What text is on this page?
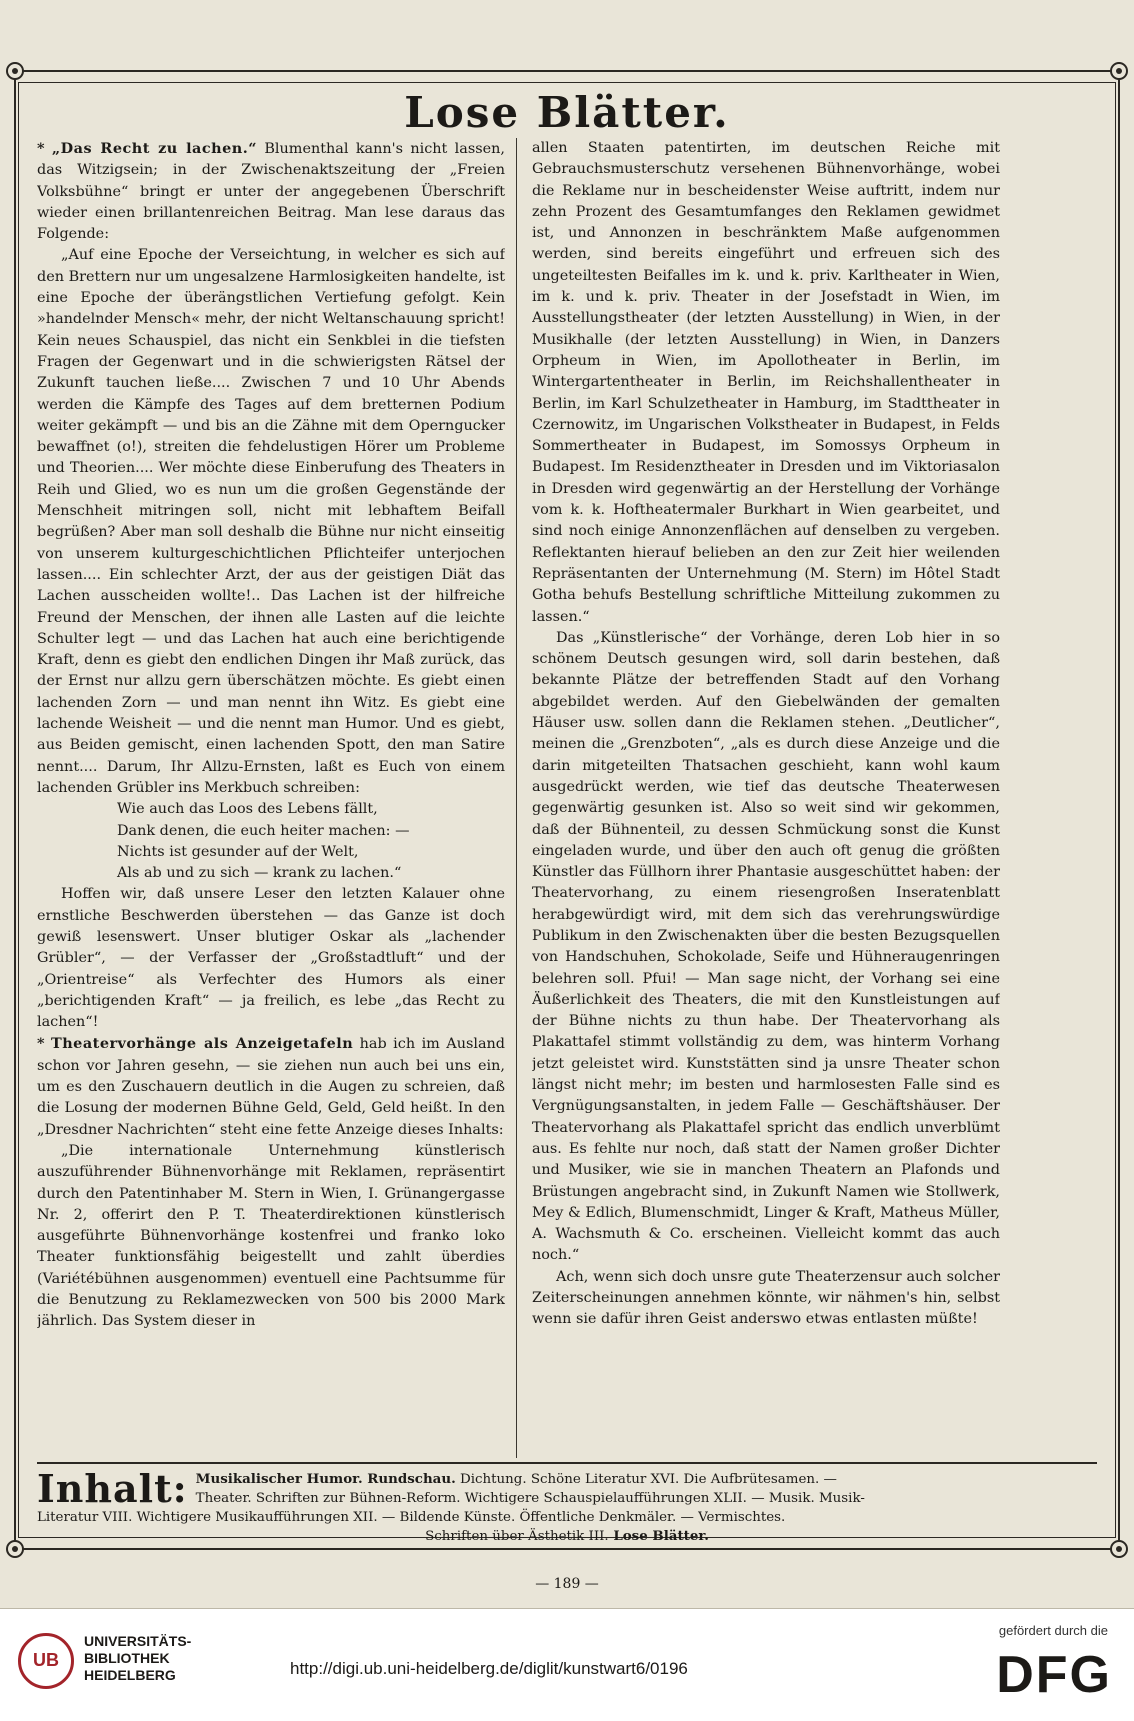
Lose Blätter.

* „Das Recht zu lachen.“ Blumenthal kann's nicht lassen, das Witzigsein; in der Zwischenaktszeitung der „Freien Volksbühne“ bringt er unter der angegebenen Überschrift wieder einen brillantenreichen Beitrag. Man lese daraus das Folgende:

„Auf eine Epoche der Verseichtung, in welcher es sich auf den Brettern nur um ungesalzene Harmlosigkeiten handelte, ist eine Epoche der überängstlichen Vertiefung gefolgt. Kein »handelnder Mensch« mehr, der nicht Weltanschauung spricht! Kein neues Schauspiel, das nicht ein Senkblei in die tiefsten Fragen der Gegenwart und in die schwierigsten Rätsel der Zukunft tauchen ließe.... Zwischen 7 und 10 Uhr Abends werden die Kämpfe des Tages auf dem bretternen Podium weiter gekämpft — und bis an die Zähne mit dem Operngucker bewaffnet (o!), streiten die fehdelustigen Hörer um Probleme und Theorien.... Wer möchte diese Einberufung des Theaters in Reih und Glied, wo es nun um die großen Gegenstände der Menschheit mitringen soll, nicht mit lebhaftem Beifall begrüßen? Aber man soll deshalb die Bühne nur nicht einseitig von unserem kulturgeschichtlichen Pflichteifer unterjochen lassen.... Ein schlechter Arzt, der aus der geistigen Diät das Lachen ausscheiden wollte!.. Das Lachen ist der hilfreiche Freund der Menschen, der ihnen alle Lasten auf die leichte Schulter legt — und das Lachen hat auch eine berichtigende Kraft, denn es giebt den endlichen Dingen ihr Maß zurück, das der Ernst nur allzu gern überschätzen möchte. Es giebt einen lachenden Zorn — und man nennt ihn Witz. Es giebt eine lachende Weisheit — und die nennt man Humor. Und es giebt, aus Beiden gemischt, einen lachenden Spott, den man Satire nennt.... Darum, Ihr Allzu-Ernsten, laßt es Euch von einem lachenden Grübler ins Merkbuch schreiben:

Wie auch das Loos des Lebens fällt,

Dank denen, die euch heiter machen: —

Nichts ist gesunder auf der Welt,

Als ab und zu sich — krank zu lachen.“

Hoffen wir, daß unsere Leser den letzten Kalauer ohne ernstliche Beschwerden überstehen — das Ganze ist doch gewiß lesenswert. Unser blutiger Oskar als „lachender Grübler“, — der Verfasser der „Großstadtluft“ und der „Orientreise“ als Verfechter des Humors als einer „berichtigenden Kraft“ — ja freilich, es lebe „das Recht zu lachen“!

* Theatervorhänge als Anzeigetafeln hab ich im Ausland schon vor Jahren gesehn, — sie ziehen nun auch bei uns ein, um es den Zuschauern deutlich in die Augen zu schreien, daß die Losung der modernen Bühne Geld, Geld, Geld heißt. In den „Dresdner Nachrichten“ steht eine fette Anzeige dieses Inhalts:

„Die internationale Unternehmung künstlerisch auszuführender Bühnenvorhänge mit Reklamen, repräsentirt durch den Patentinhaber M. Stern in Wien, I. Grünangergasse Nr. 2, offerirt den P. T. Theaterdirektionen künstlerisch ausgeführte Bühnenvorhänge kostenfrei und franko loko Theater funktionsfähig beigestellt und zahlt überdies (Variétébühnen ausgenommen) eventuell eine Pachtsumme für die Benutzung zu Reklamezwecken von 500 bis 2000 Mark jährlich. Das System dieser in

allen Staaten patentirten, im deutschen Reiche mit Gebrauchsmusterschutz versehenen Bühnenvorhänge, wobei die Reklame nur in bescheidenster Weise auftritt, indem nur zehn Prozent des Gesamtumfanges den Reklamen gewidmet ist, und Annonzen in beschränktem Maße aufgenommen werden, sind bereits eingeführt und erfreuen sich des ungeteiltesten Beifalles im k. und k. priv. Karltheater in Wien, im k. und k. priv. Theater in der Josefstadt in Wien, im Ausstellungstheater (der letzten Ausstellung) in Wien, in der Musikhalle (der letzten Ausstellung) in Wien, in Danzers Orpheum in Wien, im Apollotheater in Berlin, im Wintergartentheater in Berlin, im Reichshallentheater in Berlin, im Karl Schulzetheater in Hamburg, im Stadttheater in Czernowitz, im Ungarischen Volkstheater in Budapest, in Felds Sommertheater in Budapest, im Somossys Orpheum in Budapest. Im Residenztheater in Dresden und im Viktoriasalon in Dresden wird gegenwärtig an der Herstellung der Vorhänge vom k. k. Hoftheatermaler Burkhart in Wien gearbeitet, und sind noch einige Annonzenflächen auf denselben zu vergeben. Reflektanten hierauf belieben an den zur Zeit hier weilenden Repräsentanten der Unternehmung (M. Stern) im Hôtel Stadt Gotha behufs Bestellung schriftliche Mitteilung zukommen zu lassen.“

Das „Künstlerische“ der Vorhänge, deren Lob hier in so schönem Deutsch gesungen wird, soll darin bestehen, daß bekannte Plätze der betreffenden Stadt auf den Vorhang abgebildet werden. Auf den Giebelwänden der gemalten Häuser usw. sollen dann die Reklamen stehen. „Deutlicher“, meinen die „Grenzboten“, „als es durch diese Anzeige und die darin mitgeteilten Thatsachen geschieht, kann wohl kaum ausgedrückt werden, wie tief das deutsche Theaterwesen gegenwärtig gesunken ist. Also so weit sind wir gekommen, daß der Bühnenteil, zu dessen Schmückung sonst die Kunst eingeladen wurde, und über den auch oft genug die größten Künstler das Füllhorn ihrer Phantasie ausgeschüttet haben: der Theatervorhang, zu einem riesengroßen Inseratenblatt herabgewürdigt wird, mit dem sich das verehrungswürdige Publikum in den Zwischenakten über die besten Bezugsquellen von Handschuhen, Schokolade, Seife und Hühneraugenringen belehren soll. Pfui! — Man sage nicht, der Vorhang sei eine Äußerlichkeit des Theaters, die mit den Kunstleistungen auf der Bühne nichts zu thun habe. Der Theatervorhang als Plakattafel stimmt vollständig zu dem, was hinterm Vorhang jetzt geleistet wird. Kunststätten sind ja unsre Theater schon längst nicht mehr; im besten und harmlosesten Falle sind es Vergnügungsanstalten, in jedem Falle — Geschäftshäuser. Der Theatervorhang als Plakattafel spricht das endlich unverblümt aus. Es fehlte nur noch, daß statt der Namen großer Dichter und Musiker, wie sie in manchen Theatern an Plafonds und Brüstungen angebracht sind, in Zukunft Namen wie Stollwerk, Mey & Edlich, Blumenschmidt, Linger & Kraft, Matheus Müller, A. Wachsmuth & Co. erscheinen. Vielleicht kommt das auch noch.“

Ach, wenn sich doch unsre gute Theaterzensur auch solcher Zeiterscheinungen annehmen könnte, wir nähmen's hin, selbst wenn sie dafür ihren Geist anderswo etwas entlasten müßte!

Inhalt: Musikalischer Humor. Rundschau. Dichtung. Schöne Literatur XVI. Die Aufbrütesamen. —

Theater. Schriften zur Bühnen-Reform. Wichtigere Schauspielaufführungen XLII. — Musik. Musik-

Literatur VIII. Wichtigere Musikaufführungen XII. — Bildende Künste. Öffentliche Denkmäler. — Vermischtes.

Schriften über Ästhetik III. Lose Blätter.

— 189 —
UB
UNIVERSITÄTS-
BIBLIOTHEK
HEIDELBERG	http://digi.ub.uni-heidelberg.de/diglit/kunstwart6/0196
gefördert durch die
DFG
